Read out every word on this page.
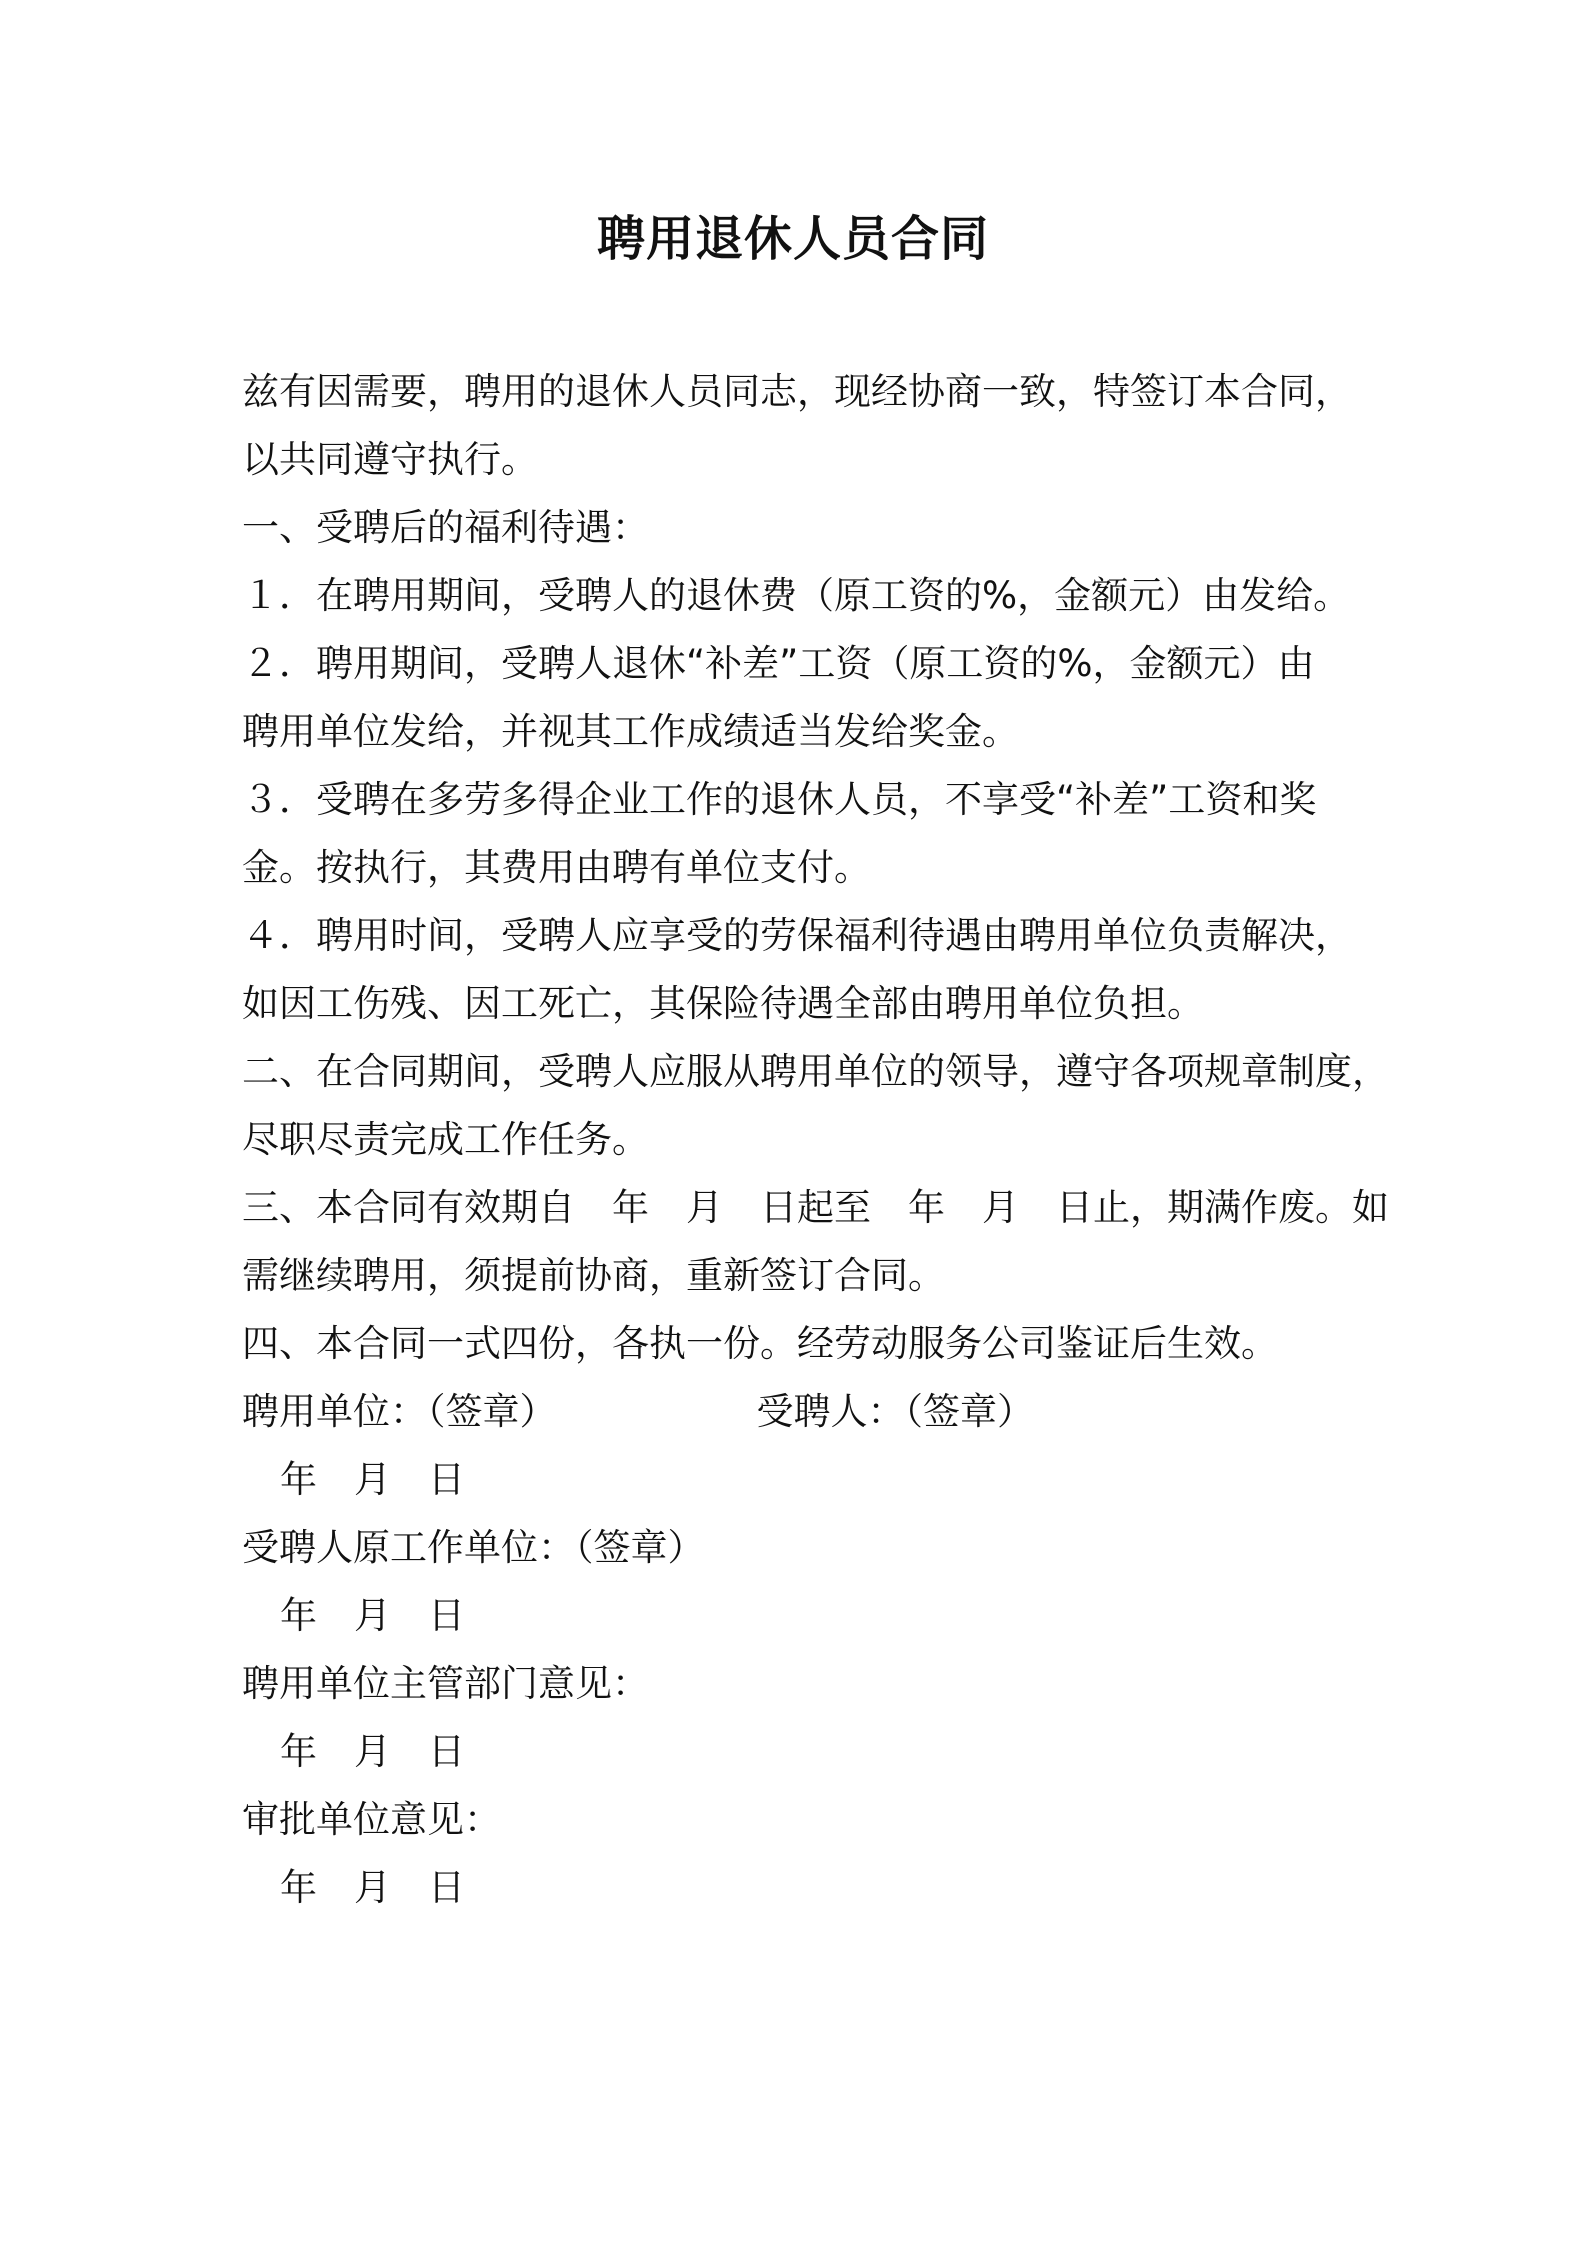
聘用退休人员合同
兹有因需要，聘用的退休人员同志，现经协商一致，特签订本合同，
以共同遵守执行。
一、受聘后的福利待遇：
１．在聘用期间，受聘人的退休费（原工资的%，金额元）由发给。
２．聘用期间，受聘人退休“补差”工资（原工资的%，金额元）由
聘用单位发给，并视其工作成绩适当发给奖金。
３．受聘在多劳多得企业工作的退休人员，不享受“补差”工资和奖
金。按执行，其费用由聘有单位支付。
４．聘用时间，受聘人应享受的劳保福利待遇由聘用单位负责解决，
如因工伤残、因工死亡，其保险待遇全部由聘用单位负担。
二、在合同期间，受聘人应服从聘用单位的领导，遵守各项规章制度，
尽职尽责完成工作任务。
三、本合同有效期自　年　月　日起至　年　月　日止，期满作废。如
需继续聘用，须提前协商，重新签订合同。
四、本合同一式四份，各执一份。经劳动服务公司鉴证后生效。
聘用单位：（签章）	受聘人：（签章）
年　月　日
受聘人原工作单位：（签章）
年　月　日
聘用单位主管部门意见：
年　月　日
审批单位意见：
年　月　日
